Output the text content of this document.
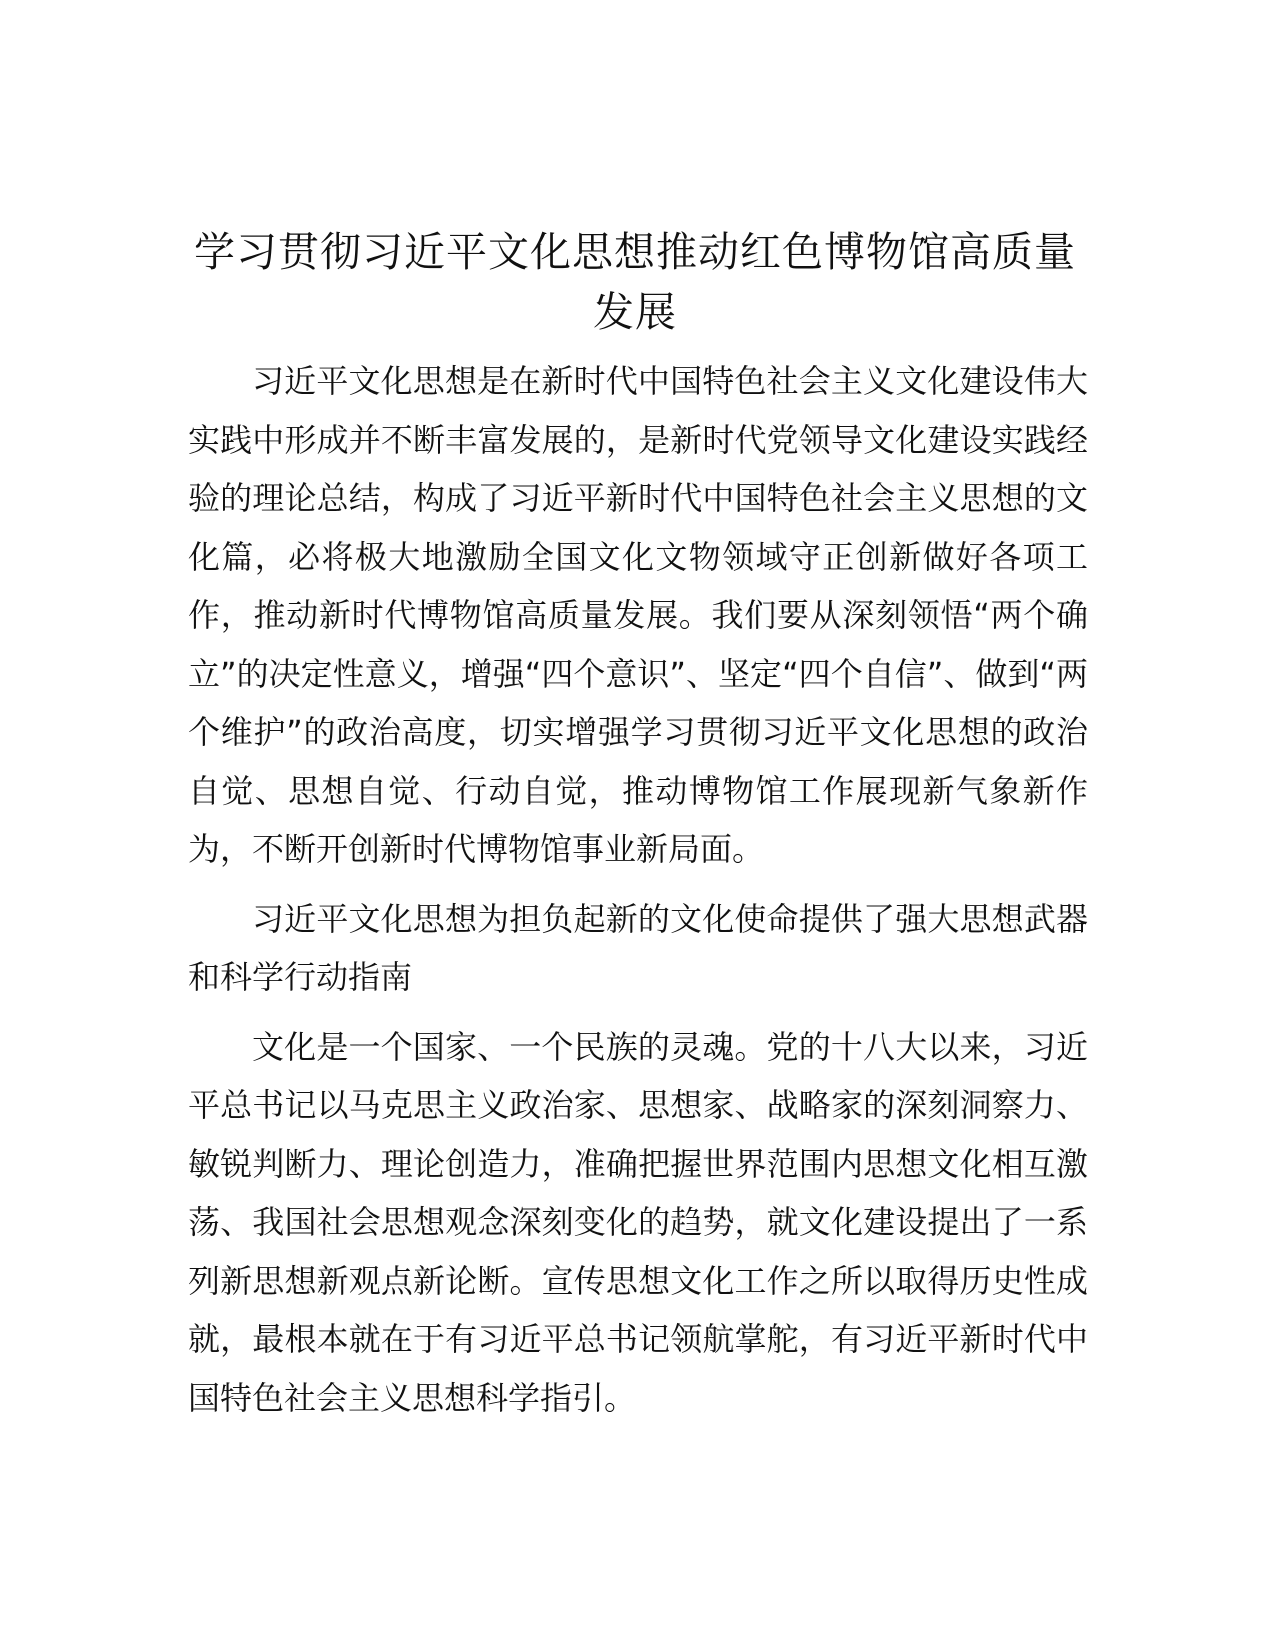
学习贯彻习近平文化思想推动红色博物馆高质量发展

习近平文化思想是在新时代中国特色社会主义文化建设伟大实践中形成并不断丰富发展的，是新时代党领导文化建设实践经验的理论总结，构成了习近平新时代中国特色社会主义思想的文化篇，必将极大地激励全国文化文物领域守正创新做好各项工作，推动新时代博物馆高质量发展。我们要从深刻领悟“两个确立”的决定性意义，增强“四个意识”、坚定“四个自信”、做到“两个维护”的政治高度，切实增强学习贯彻习近平文化思想的政治自觉、思想自觉、行动自觉，推动博物馆工作展现新气象新作为，不断开创新时代博物馆事业新局面。

习近平文化思想为担负起新的文化使命提供了强大思想武器和科学行动指南

文化是一个国家、一个民族的灵魂。党的十八大以来，习近平总书记以马克思主义政治家、思想家、战略家的深刻洞察力、敏锐判断力、理论创造力，准确把握世界范围内思想文化相互激荡、我国社会思想观念深刻变化的趋势，就文化建设提出了一系列新思想新观点新论断。宣传思想文化工作之所以取得历史性成就，最根本就在于有习近平总书记领航掌舵，有习近平新时代中国特色社会主义思想科学指引。
